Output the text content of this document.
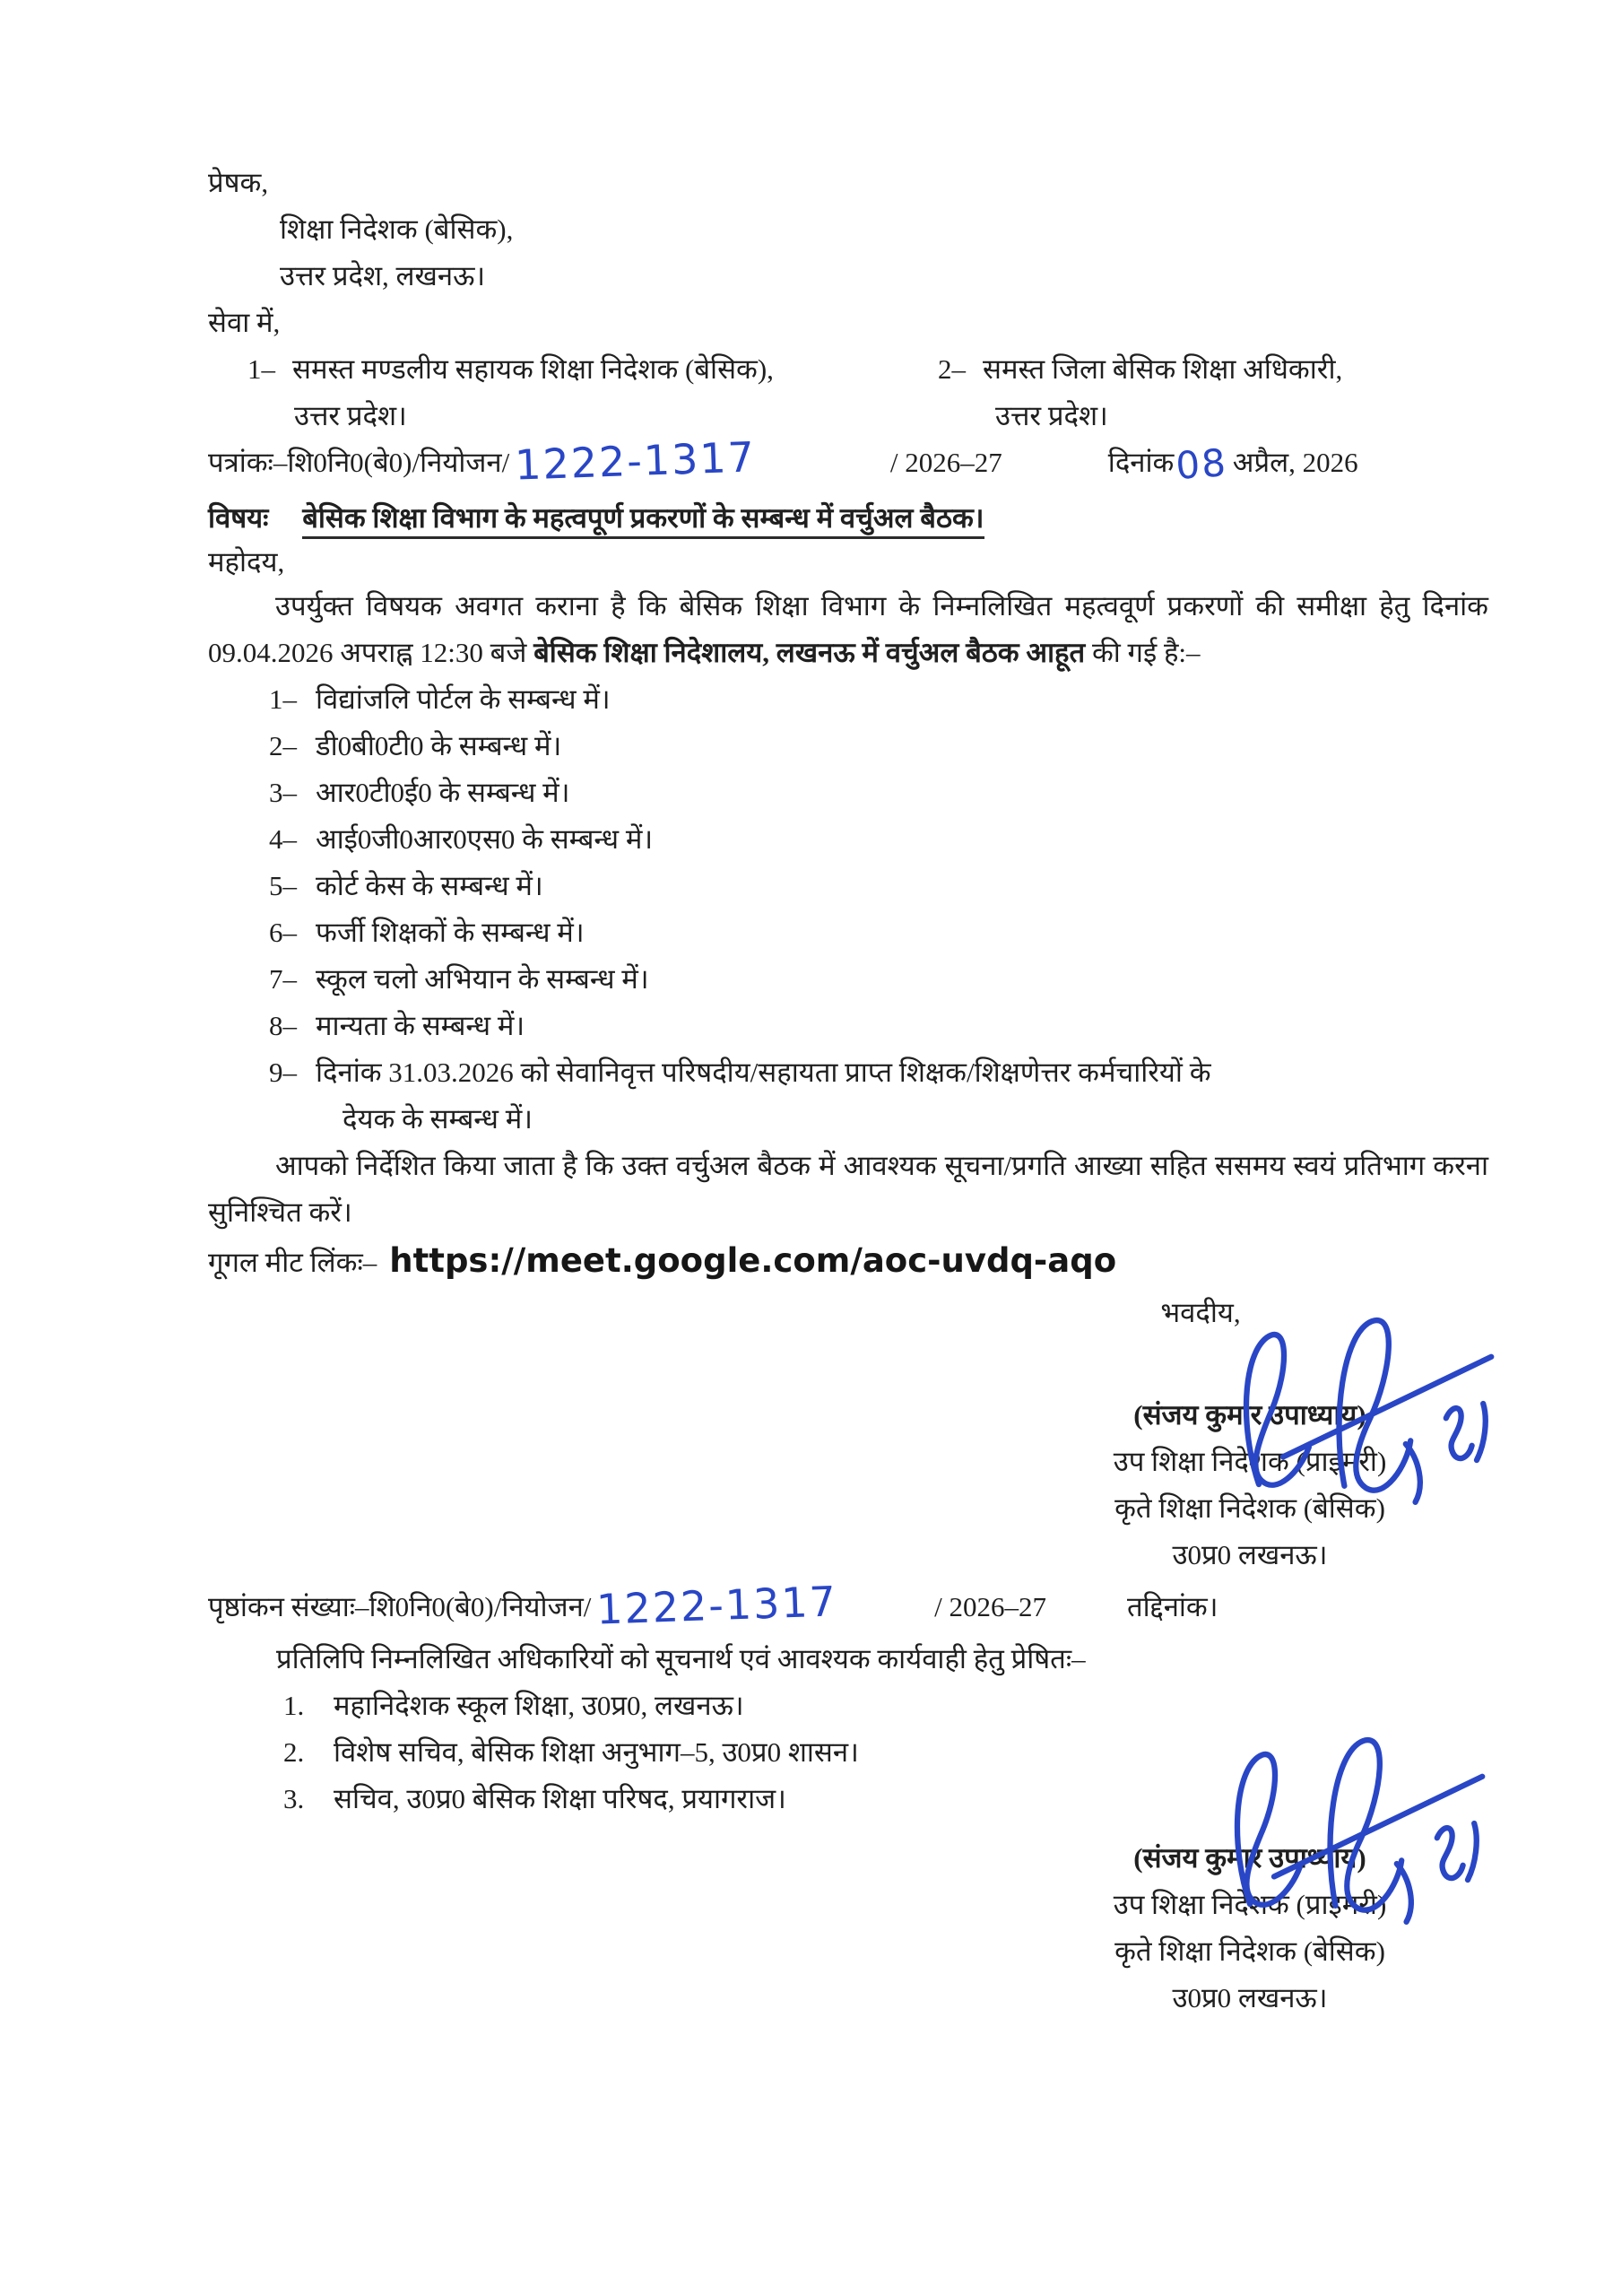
प्रेषक,
शिक्षा निदेशक (बेसिक),
उत्तर प्रदेश, लखनऊ।
सेवा में,
1– समस्त मण्डलीय सहायक शिक्षा निदेशक (बेसिक),
उत्तर प्रदेश।
2– समस्त जिला बेसिक शिक्षा अधिकारी,
उत्तर प्रदेश।
पत्रांकः–शि0नि0(बे0)/नियोजन/ 1222-1317	/ 2026–27	दिनांक 08 अप्रैल, 2026
विषयः बेसिक शिक्षा विभाग के महत्वपूर्ण प्रकरणों के सम्बन्ध में वर्चुअल बैठक।
महोदय,
उपर्युक्त विषयक अवगत कराना है कि बेसिक शिक्षा विभाग के निम्नलिखित महत्ववूर्ण प्रकरणों की समीक्षा हेतु दिनांक 09.04.2026 अपराह्न 12:30 बजे बेसिक शिक्षा निदेशालय, लखनऊ में वर्चुअल बैठक आहूत की गई है:–
1– विद्यांजलि पोर्टल के सम्बन्ध में।
2– डी0बी0टी0 के सम्बन्ध में।
3– आर0टी0ई0 के सम्बन्ध में।
4– आई0जी0आर0एस0 के सम्बन्ध में।
5– कोर्ट केस के सम्बन्ध में।
6– फर्जी शिक्षकों के सम्बन्ध में।
7– स्कूल चलो अभियान के सम्बन्ध में।
8– मान्यता के सम्बन्ध में।
9– दिनांक 31.03.2026 को सेवानिवृत्त परिषदीय/सहायता प्राप्त शिक्षक/शिक्षणेत्तर कर्मचारियों के
देयक के सम्बन्ध में।
आपको निर्देशित किया जाता है कि उक्त वर्चुअल बैठक में आवश्यक सूचना/प्रगति आख्या सहित ससमय स्वयं प्रतिभाग करना सुनिश्चित करें।
गूगल मीट लिंकः– https://meet.google.com/aoc-uvdq-aqo
भवदीय,
(संजय कुमार उपाध्याय)
उप शिक्षा निदेशक (प्राइमरी)
कृते शिक्षा निदेशक (बेसिक)
उ0प्र0 लखनऊ।
पृष्ठांकन संख्याः–शि0नि0(बे0)/नियोजन/ 1222-1317	/ 2026–27	तद्दिनांक।
प्रतिलिपि निम्नलिखित अधिकारियों को सूचनार्थ एवं आवश्यक कार्यवाही हेतु प्रेषितः–
1.	महानिदेशक स्कूल शिक्षा, उ0प्र0, लखनऊ।
2.	विशेष सचिव, बेसिक शिक्षा अनुभाग–5, उ0प्र0 शासन।
3.	सचिव, उ0प्र0 बेसिक शिक्षा परिषद, प्रयागराज।
(संजय कुमार उपाध्याय)
उप शिक्षा निदेशक (प्राइमरी)
कृते शिक्षा निदेशक (बेसिक)
उ0प्र0 लखनऊ।
